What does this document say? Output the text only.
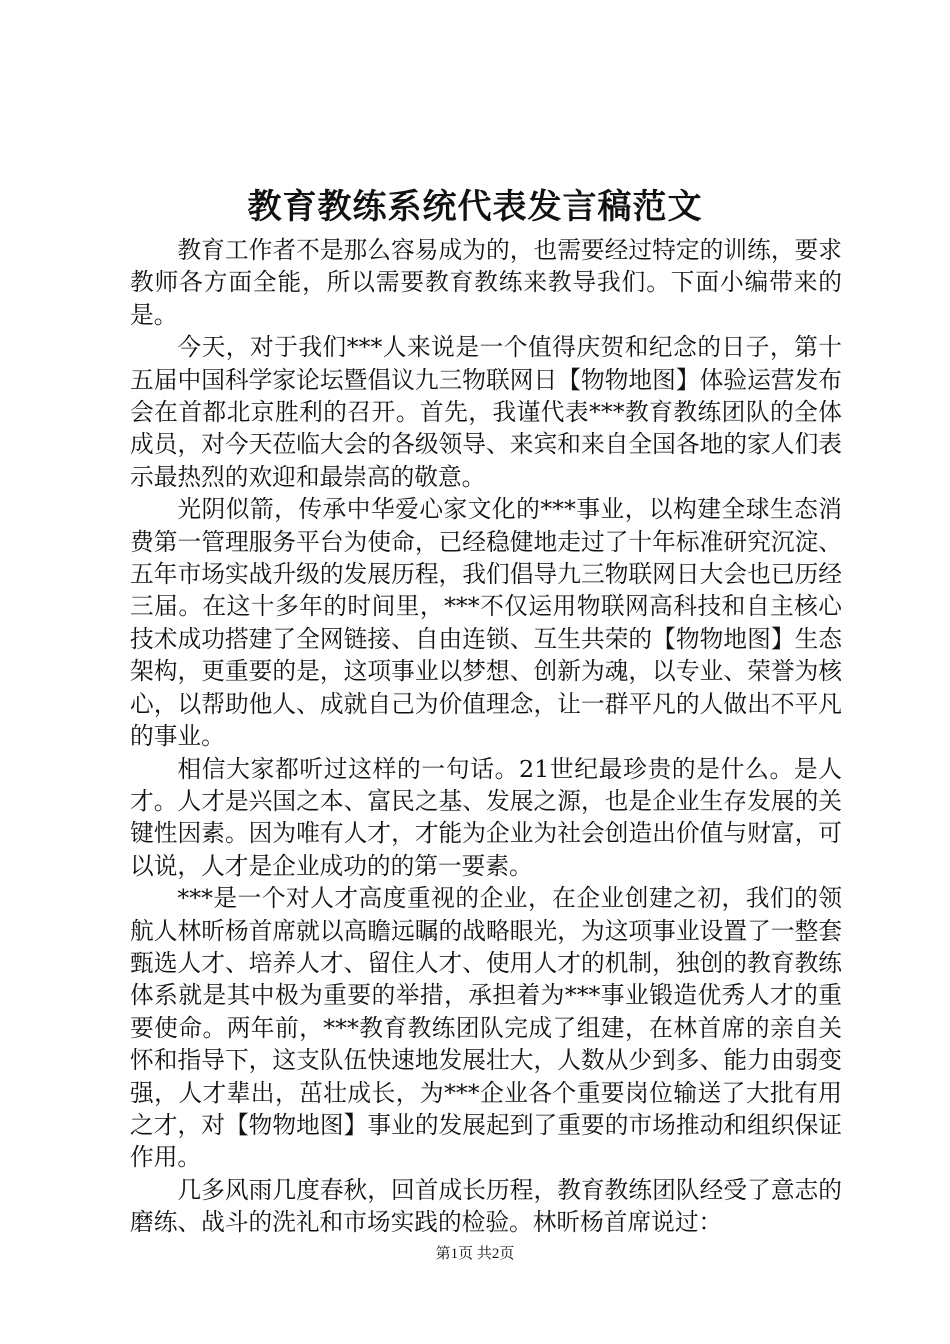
教育教练系统代表发言稿范文

教育工作者不是那么容易成为的，也需要经过特定的训练，要求教师各方面全能，所以需要教育教练来教导我们。下面小编带来的是。

今天，对于我们***人来说是一个值得庆贺和纪念的日子，第十五届中国科学家论坛暨倡议九三物联网日【物物地图】体验运营发布会在首都北京胜利的召开。首先，我谨代表***教育教练团队的全体成员，对今天莅临大会的各级领导、来宾和来自全国各地的家人们表示最热烈的欢迎和最崇高的敬意。

光阴似箭，传承中华爱心家文化的***事业，以构建全球生态消费第一管理服务平台为使命，已经稳健地走过了十年标准研究沉淀、五年市场实战升级的发展历程，我们倡导九三物联网日大会也已历经三届。在这十多年的时间里，***不仅运用物联网高科技和自主核心技术成功搭建了全网链接、自由连锁、互生共荣的【物物地图】生态架构，更重要的是，这项事业以梦想、创新为魂，以专业、荣誉为核心，以帮助他人、成就自己为价值理念，让一群平凡的人做出不平凡的事业。

相信大家都听过这样的一句话。21世纪最珍贵的是什么。是人才。人才是兴国之本、富民之基、发展之源，也是企业生存发展的关键性因素。因为唯有人才，才能为企业为社会创造出价值与财富，可以说，人才是企业成功的的第一要素。

***是一个对人才高度重视的企业，在企业创建之初，我们的领航人林昕杨首席就以高瞻远瞩的战略眼光，为这项事业设置了一整套甄选人才、培养人才、留住人才、使用人才的机制，独创的教育教练体系就是其中极为重要的举措，承担着为***事业锻造优秀人才的重要使命。两年前，***教育教练团队完成了组建，在林首席的亲自关怀和指导下，这支队伍快速地发展壮大，人数从少到多、能力由弱变强，人才辈出，茁壮成长，为***企业各个重要岗位输送了大批有用之才，对【物物地图】事业的发展起到了重要的市场推动和组织保证作用。

几多风雨几度春秋，回首成长历程，教育教练团队经受了意志的磨练、战斗的洗礼和市场实践的检验。林昕杨首席说过：

第1页 共2页
